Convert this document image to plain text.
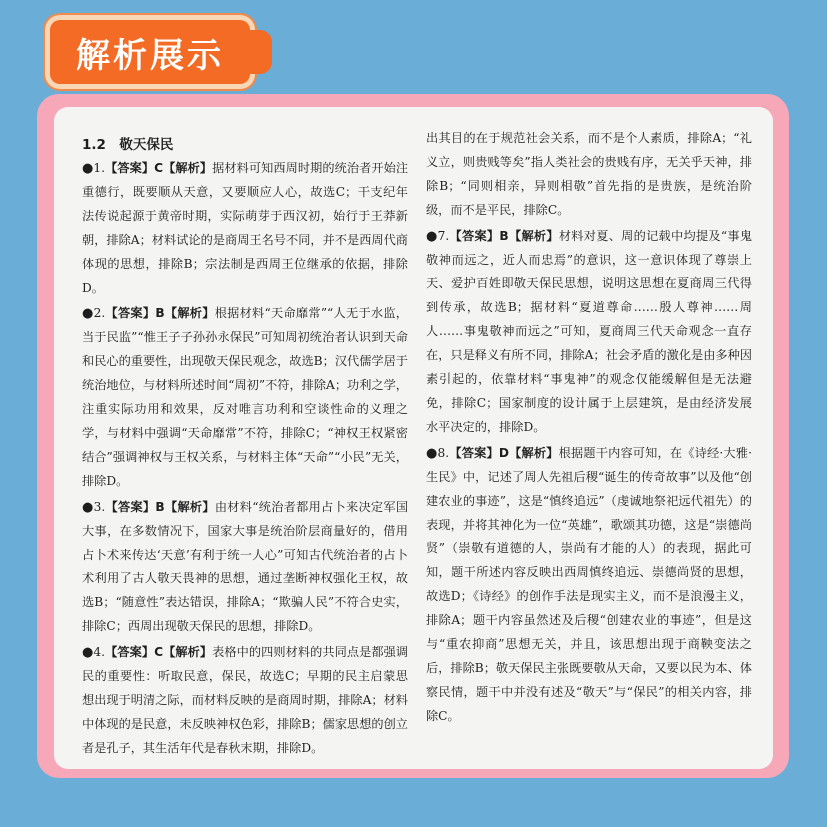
解析展示

1.2　敬天保民

●1.【答案】C【解析】据材料可知西周时期的统治者开始注重德行，既要顺从天意，又要顺应人心，故选C；干支纪年法传说起源于黄帝时期，实际萌芽于西汉初，始行于王莽新朝，排除A；材料试论的是商周王名号不同，并不是西周代商体现的思想，排除B；宗法制是西周王位继承的依据，排除D。

●2.【答案】B【解析】根据材料“天命靡常”“人无于水监，当于民监”“惟王子子孙孙永保民”可知周初统治者认识到天命和民心的重要性，出现敬天保民观念，故选B；汉代儒学居于统治地位，与材料所述时间“周初”不符，排除A；功利之学，注重实际功用和效果，反对唯言功利和空谈性命的义理之学，与材料中强调“天命靡常”不符，排除C；“神权王权紧密结合”强调神权与王权关系，与材料主体“天命”“小民”无关，排除D。

●3.【答案】B【解析】由材料“统治者都用占卜来决定军国大事，在多数情况下，国家大事是统治阶层商量好的，借用占卜术来传达‘天意’有利于统一人心”可知古代统治者的占卜术利用了古人敬天畏神的思想，通过垄断神权强化王权，故选B；“随意性”表达错误，排除A；“欺骗人民”不符合史实，排除C；西周出现敬天保民的思想，排除D。

●4.【答案】C【解析】表格中的四则材料的共同点是都强调民的重要性：听取民意，保民，故选C；早期的民主启蒙思想出现于明清之际，而材料反映的是商周时期，排除A；材料中体现的是民意，未反映神权色彩，排除B；儒家思想的创立者是孔子，其生活年代是春秋末期，排除D。

出其目的在于规范社会关系，而不是个人素质，排除A；“礼义立，则贵贱等矣”指人类社会的贵贱有序，无关乎天神，排除B；“同则相亲，异则相敬”首先指的是贵族，是统治阶级，而不是平民，排除C。

●7.【答案】B【解析】材料对夏、周的记载中均提及“事鬼敬神而远之，近人而忠焉”的意识，这一意识体现了尊崇上天、爱护百姓即敬天保民思想，说明这思想在夏商周三代得到传承，故选B；据材料“夏道尊命……殷人尊神……周人……事鬼敬神而远之”可知，夏商周三代天命观念一直存在，只是释义有所不同，排除A；社会矛盾的激化是由多种因素引起的，依靠材料“事鬼神”的观念仅能缓解但是无法避免，排除C；国家制度的设计属于上层建筑，是由经济发展水平决定的，排除D。

●8.【答案】D【解析】根据题干内容可知，在《诗经·大雅·生民》中，记述了周人先祖后稷“诞生的传奇故事”以及他“创建农业的事迹”，这是“慎终追远”（虔诚地祭祀远代祖先）的表现，并将其神化为一位“英雄”，歌颂其功德，这是“崇德尚贤”（崇敬有道德的人，崇尚有才能的人）的表现，据此可知，题干所述内容反映出西周慎终追远、崇德尚贤的思想，故选D；《诗经》的创作手法是现实主义，而不是浪漫主义，排除A；题干内容虽然述及后稷“创建农业的事迹”，但是这与“重农抑商”思想无关，并且，该思想出现于商鞅变法之后，排除B；敬天保民主张既要敬从天命，又要以民为本、体察民情，题干中并没有述及“敬天”与“保民”的相关内容，排除C。
